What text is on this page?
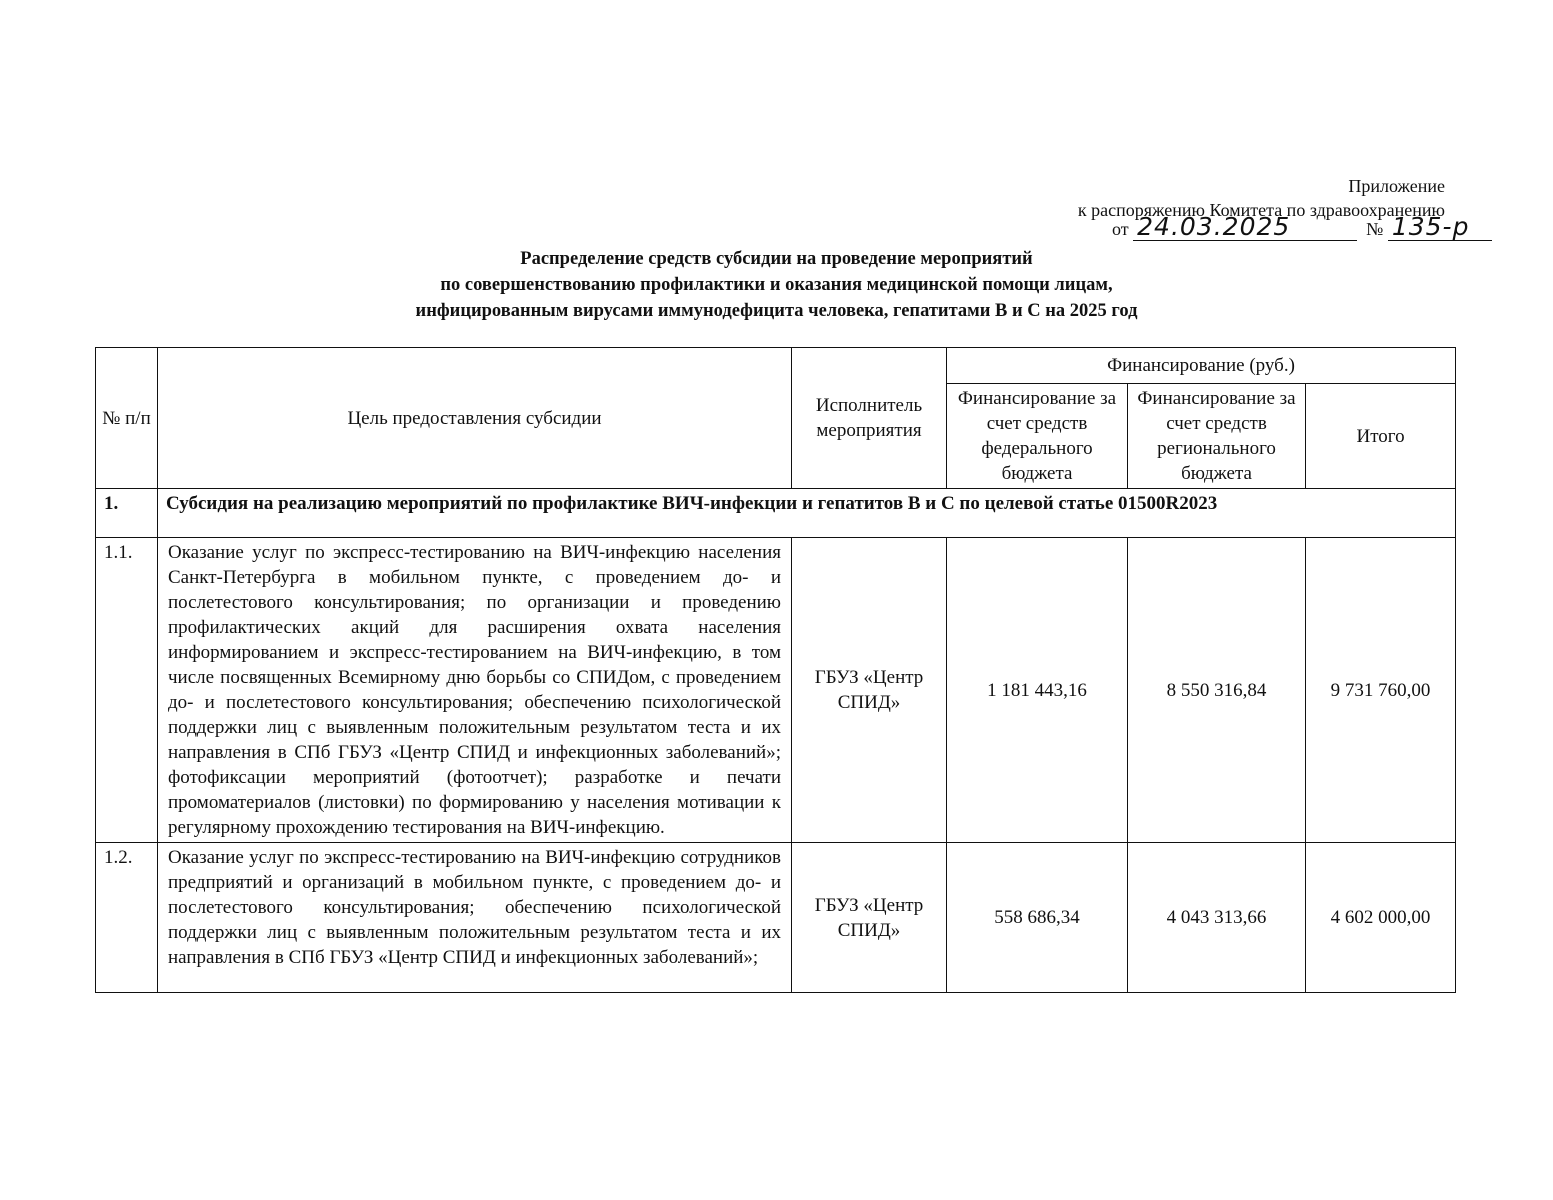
Приложение
к распоряжению Комитета по здравоохранению
от 24.03.2025	№ 135-р
Распределение средств субсидии на проведение мероприятий
по совершенствованию профилактики и оказания медицинской помощи лицам,
инфицированным вирусами иммунодефицита человека, гепатитами В и С на 2025 год
№ п/п	Цель предоставления субсидии	Исполнитель мероприятия	Финансирование (руб.)		
			Финансирование за счет средств федерального бюджета	Финансирование за счет средств регионального бюджета	Итого
1.	Субсидия на реализацию мероприятий по профилактике ВИЧ-инфекции и гепатитов В и С по целевой статье 01500R2023				
1.1.	Оказание услуг по экспресс-тестированию на ВИЧ-инфекцию населения Санкт-Петербурга в мобильном пункте, с проведением до- и послетестового консультирования; по организации и проведению профилактических акций для расширения охвата населения информированием и экспресс-тестированием на ВИЧ-инфекцию, в том числе посвященных Всемирному дню борьбы со СПИДом, с проведением до- и послетестового консультирования; обеспечению психологической поддержки лиц с выявленным положительным результатом теста и их направления в СПб ГБУЗ «Центр СПИД и инфекционных заболеваний»; фотофиксации мероприятий (фотоотчет); разработке и печати промоматериалов (листовки) по формированию у населения мотивации к регулярному прохождению тестирования на ВИЧ-инфекцию.	ГБУЗ «Центр СПИД»	1 181 443,16	8 550 316,84	9 731 760,00
1.2.	Оказание услуг по экспресс-тестированию на ВИЧ-инфекцию сотрудников предприятий и организаций в мобильном пункте, с проведением до- и послетестового консультирования; обеспечению психологической поддержки лиц с выявленным положительным результатом теста и их направления в СПб ГБУЗ «Центр СПИД и инфекционных заболеваний»;	ГБУЗ «Центр СПИД»	558 686,34	4 043 313,66	4 602 000,00
